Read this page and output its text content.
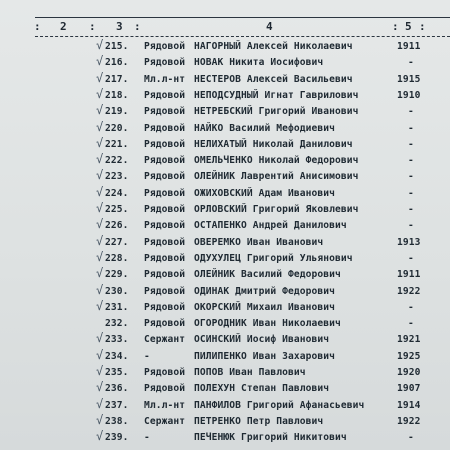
: 2 : 3 :	4	: 5 :
√ 215. Рядовой НАГОРНЫЙ Алексей Николаевич	1911
√ 216. Рядовой НОВАК Никита Иосифович	-
√ 217. Мл.л-нт НЕСТЕРОВ Алексей Васильевич	1915
√ 218. Рядовой НЕПОДСУДНЫЙ Игнат Гаврилович	1910
√ 219. Рядовой НЕТРЕБСКИЙ Григорий Иванович	-
√ 220. Рядовой НАЙКО Василий Мефодиевич	-
√ 221. Рядовой НЕЛИХАТЫЙ Николай Данилович	-
√ 222. Рядовой ОМЕЛЬЧЕНКО Николай Федорович	-
√ 223. Рядовой ОЛЕЙНИК Лаврентий Анисимович	-
√ 224. Рядовой ОЖИХОВСКИЙ Адам Иванович	-
√ 225. Рядовой ОРЛОВСКИЙ Григорий Яковлевич	-
√ 226. Рядовой ОСТАПЕНКО Андрей Данилович	-
√ 227. Рядовой ОВЕРЕМКО Иван Иванович	1913
√ 228. Рядовой ОДУХУЛЕЦ Григорий Ульянович	-
√ 229. Рядовой ОЛЕЙНИК Василий Федорович	1911
√ 230. Рядовой ОДИНАК Дмитрий Федорович	1922
√ 231. Рядовой ОКОРСКИЙ Михаил Иванович	-
232. Рядовой ОГОРОДНИК Иван Николаевич	-
√ 233. Сержант ОСИНСКИЙ Иосиф Иванович	1921
√ 234. -	ПИЛИПЕНКО Иван Захарович	1925
√ 235. Рядовой ПОПОВ Иван Павлович	1920
√ 236. Рядовой ПОЛЕХУН Степан Павлович	1907
√ 237. Мл.л-нт ПАНФИЛОВ Григорий Афанасьевич	1914
√ 238. Сержант ПЕТРЕНКО Петр Павлович	1922
√ 239. -	ПЕЧЕНЮК Григорий Никитович	-
